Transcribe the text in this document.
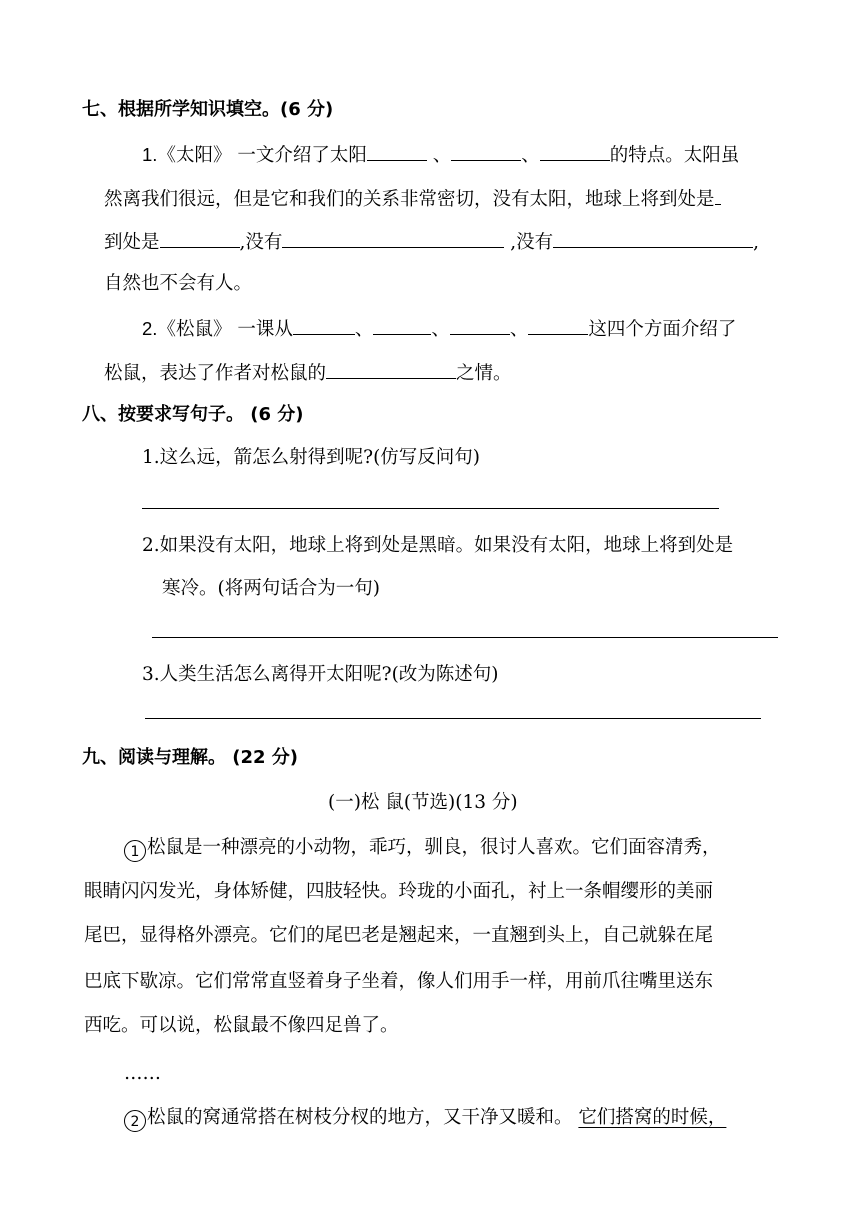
七、根据所学知识填空。(6 分)
1.《太阳》 一文介绍了太阳	、	、	的特点。太阳虽
然离我们很远，但是它和我们的关系非常密切，没有太阳，地球上将到处是
到处是	,没有	,没有	,
自然也不会有人。
2.《松鼠》 一课从	、	、	、	这四个方面介绍了
松鼠，表达了作者对松鼠的	之情。
八、按要求写句子。 (6 分)
1.这么远，箭怎么射得到呢?(仿写反问句)
2.如果没有太阳，地球上将到处是黑暗。如果没有太阳，地球上将到处是
寒冷。(将两句话合为一句)
3.人类生活怎么离得开太阳呢?(改为陈述句)
九、阅读与理解。 (22 分)
(一)松 鼠(节选)(13 分)
1 松鼠是一种漂亮的小动物，乖巧，驯良，很讨人喜欢。它们面容清秀，
眼睛闪闪发光，身体矫健，四肢轻快。玲珑的小面孔，衬上一条帽缨形的美丽
尾巴，显得格外漂亮。它们的尾巴老是翘起来，一直翘到头上，自己就躲在尾
巴底下歇凉。它们常常直竖着身子坐着，像人们用手一样，用前爪往嘴里送东
西吃。可以说，松鼠最不像四足兽了。
……
2 松鼠的窝通常搭在树枝分杈的地方，又干净又暖和。 它们搭窝的时候，
